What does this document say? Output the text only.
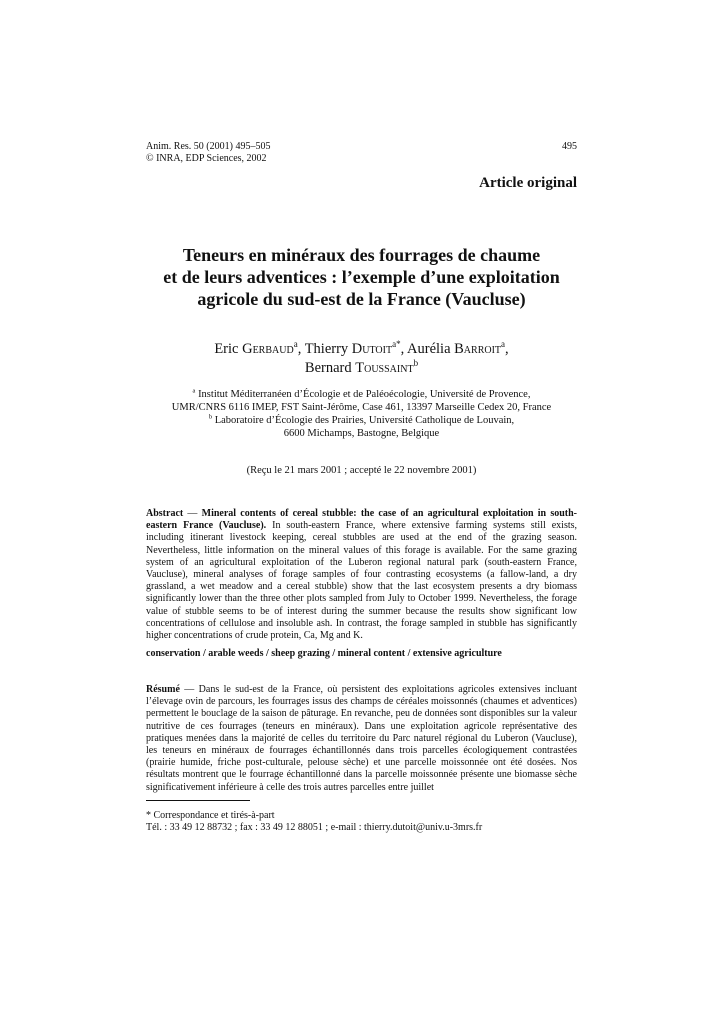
Anim. Res. 50 (2001) 495–505
© INRA, EDP Sciences, 2002
495
Article original
Teneurs en minéraux des fourrages de chaume
et de leurs adventices : l’exemple d’une exploitation
agricole du sud-est de la France (Vaucluse)
Eric Gerbaud$^a$, Thierry Dutoit$^{a*}$, Aurélia Barroit$^a$,
Bernard Toussaint$^b$
$^a$ Institut Méditerranéen d’Écologie et de Paléoécologie, Université de Provence,
UMR/CNRS 6116 IMEP, FST Saint-Jérôme, Case 461, 13397 Marseille Cedex 20, France
$^b$ Laboratoire d’Écologie des Prairies, Université Catholique de Louvain,
6600 Michamps, Bastogne, Belgique
(Reçu le 21 mars 2001 ; accepté le 22 novembre 2001)
Abstract — Mineral contents of cereal stubble: the case of an agricultural exploitation in south-eastern France (Vaucluse). In south-eastern France, where extensive farming systems still exists, including itinerant livestock keeping, cereal stubbles are used at the end of the grazing season. Nevertheless, little information on the mineral values of this forage is available. For the same grazing system of an agricultural exploitation of the Luberon regional natural park (south-eastern France, Vaucluse), mineral analyses of forage samples of four contrasting ecosystems (a fallow-land, a dry grassland, a wet meadow and a cereal stubble) show that the last ecosystem presents a dry biomass significantly lower than the three other plots sampled from July to October 1999. Nevertheless, the forage value of stubble seems to be of interest during the summer because the results show significant low concentrations of cellulose and insoluble ash. In contrast, the forage sampled in stubble has significantly higher concentrations of crude protein, Ca, Mg and K.
conservation / arable weeds / sheep grazing / mineral content / extensive agriculture
Résumé — Dans le sud-est de la France, où persistent des exploitations agricoles extensives incluant l’élevage ovin de parcours, les fourrages issus des champs de céréales moissonnés (chaumes et adventices) permettent le bouclage de la saison de pâturage. En revanche, peu de données sont disponibles sur la valeur nutritive de ces fourrages (teneurs en minéraux). Dans une exploitation agricole représentative des pratiques menées dans la majorité de celles du territoire du Parc naturel régional du Luberon (Vaucluse), les teneurs en minéraux de fourrages échantillonnés dans trois parcelles écologiquement contrastées (prairie humide, friche post-culturale, pelouse sèche) et une parcelle moissonnée ont été dosées. Nos résultats montrent que le fourrage échantillonné dans la parcelle moissonnée présente une biomasse sèche significativement inférieure à celle des trois autres parcelles entre juillet
* Correspondance et tirés-à-part
Tél. : 33 49 12 88732 ; fax : 33 49 12 88051 ; e-mail : thierry.dutoit@univ.u-3mrs.fr
